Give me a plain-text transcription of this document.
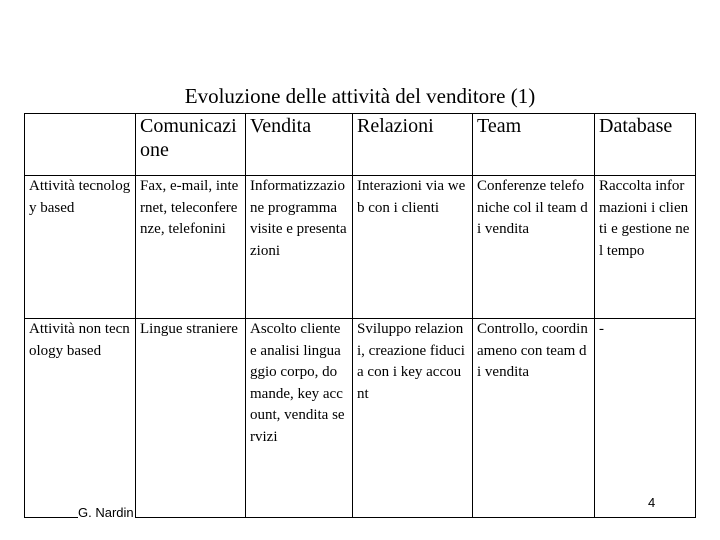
Evoluzione delle attività del venditore (1)
	Comunicazione	Vendita	Relazioni	Team	Database
Attività tecnology based	Fax, e-mail, internet, teleconferenze, telefonini	Informatizzazione programma visite e presentazioni	Interazioni via web con i clienti	Conferenze telefoniche col il team di vendita	Raccolta informazioni i clienti e gestione nel tempo
Attività non tecnology based	Lingue straniere	Ascolto cliente e analisi linguaggio corpo, domande, key account, vendita servizi	Sviluppo relazioni, creazione fiducia con i key account	Controllo, coordinameno con team di vendita	-
G. Nardin
4
